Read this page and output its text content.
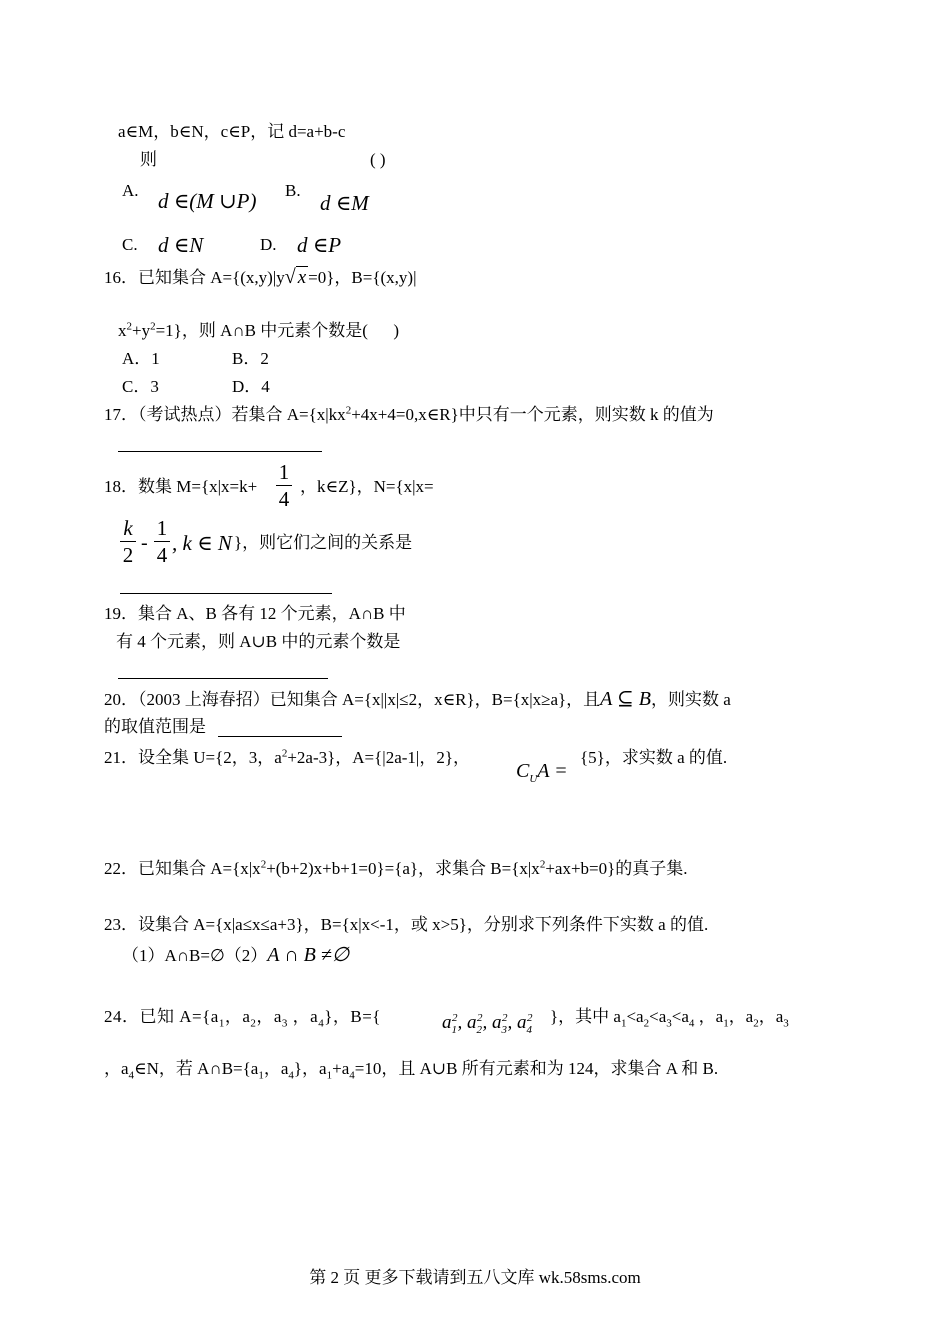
a∈M，b∈N，c∈P，记 d=a+b-c
则	( )
A. d ∈(M ∪P) B.
d ∈M
C. d ∈N	D. d ∈P
16．已知集合 A={(x,y)|y√ x =0}，B={(x,y)|
$x^2+y^2=1$}，则 A∩B 中元素个数是(      )
A．1	B．2
C．3	D．4
17．（考试热点）若集合 $A=\{x|kx^2+4x+4=0,x\in R\}$中只有一个元素，则实数 k 的值为
18．数集 M={x|x=k+
1
4
，k∈Z}，N={x|x=
k
2 -
1
4 , k ∈ N }，则它们之间的关系是
19．集合 A、B 各有 12 个元素，A∩B 中
有 4 个元素，则 A∪B 中的元素个数是
20．（2003 上海春招）已知集合 A={x||x|≤2，x∈R}，B={x|x≥a}，且A ⊆ B，则实数 a
的取值范围是
21．设全集 U={2，3，$a^2+2a-3$}，A={|2a-1|，2}，
$C_UA$ =
{5}，求实数 a 的值.
22．已知集合 $A=\{x|x^2+(b+2)x+b+1=0\}=\{a\}$，求集合 $B=\{x|x^2+ax+b=0\}$的真子集.
23．设集合 A={x|a≤x≤a+3}，B={x|x<-1，或 x>5}，分别求下列条件下实数 a 的值.
（1）A∩B=∅（2）A ∩ B ≠∅
24．已知 $A=\{a_1$，$a_2$，$a_3$ ，$a_4$}，B={	$a_1^2$, $a_2^2$, $a_3^2$, $a_4^2$ }，其中 $a_1<a_2<a_3<a_4$ ，$a_1$，$a_2$，$a_3$
，$a_4\in N$，若 $A\cap B=\{a_1$，$a_4$}，$a_1+a_4=10$，且 A∪B 所有元素和为 124，求集合 A 和 B.
第 2 页 更多下载请到五八文库 wk.58sms.com
